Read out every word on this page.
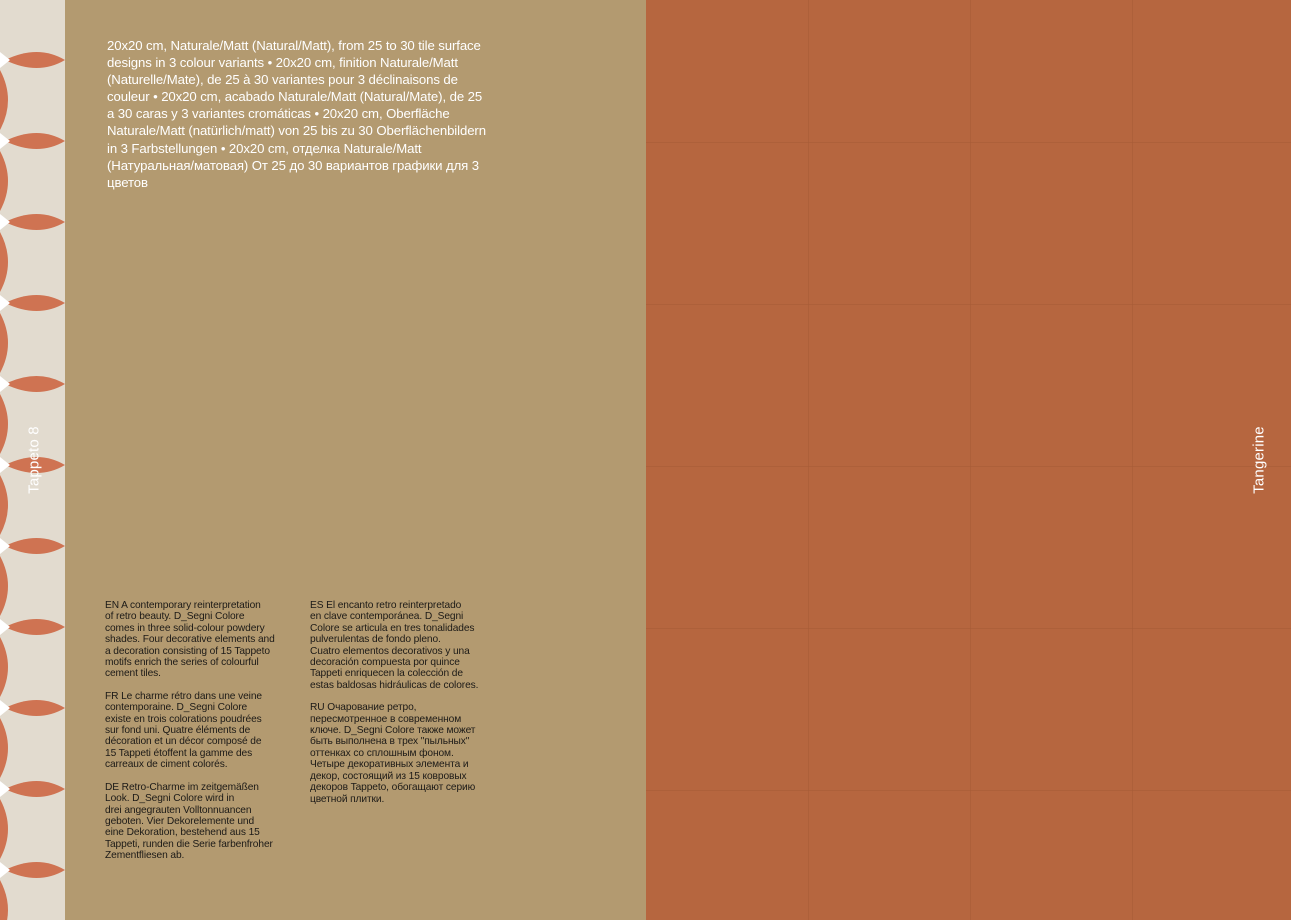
20x20 cm, Naturale/Matt (Natural/Matt), from 25 to 30 tile surface designs in 3 colour variants • 20x20 cm, finition Naturale/Matt (Naturelle/Mate), de 25 à 30 variantes pour 3 déclinaisons de couleur • 20x20 cm, acabado Naturale/Matt (Natural/Mate), de 25 a 30 caras y 3 variantes cromáticas • 20x20 cm, Oberfläche Naturale/Matt (natürlich/matt) von 25 bis zu 30 Oberflächenbildern in 3 Farbstellungen • 20x20 cm, отделка Naturale/Matt (Натуральная/матовая) От 25 до 30 вариантов графики для 3 цветов

EN A contemporary reinterpretation
of retro beauty. D_Segni Colore
comes in three solid-colour powdery
shades. Four decorative elements and
a decoration consisting of 15 Tappeto
motifs enrich the series of colourful
cement tiles.

FR Le charme rétro dans une veine
contemporaine. D_Segni Colore
existe en trois colorations poudrées
sur fond uni. Quatre éléments de
décoration et un décor composé de
15 Tappeti étoffent la gamme des
carreaux de ciment colorés.

DE Retro-Charme im zeitgemäßen
Look. D_Segni Colore wird in
drei angegrauten Volltonnuancen
geboten. Vier Dekorelemente und
eine Dekoration, bestehend aus 15
Tappeti, runden die Serie farbenfroher
Zementfliesen ab.

ES El encanto retro reinterpretado
en clave contemporánea. D_Segni
Colore se articula en tres tonalidades
pulverulentas de fondo pleno.
Cuatro elementos decorativos y una
decoración compuesta por quince
Tappeti enriquecen la colección de
estas baldosas hidráulicas de colores.

RU Очарование ретро,
пересмотренное в современном
ключе. D_Segni Colore также может
быть выполнена в трех "пыльных"
оттенках со сплошным фоном.
Четыре декоративных элемента и
декор, состоящий из 15 ковровых
декоров Tappeto, обогащают серию
цветной плитки.

Tappeto 8	Tangerine
